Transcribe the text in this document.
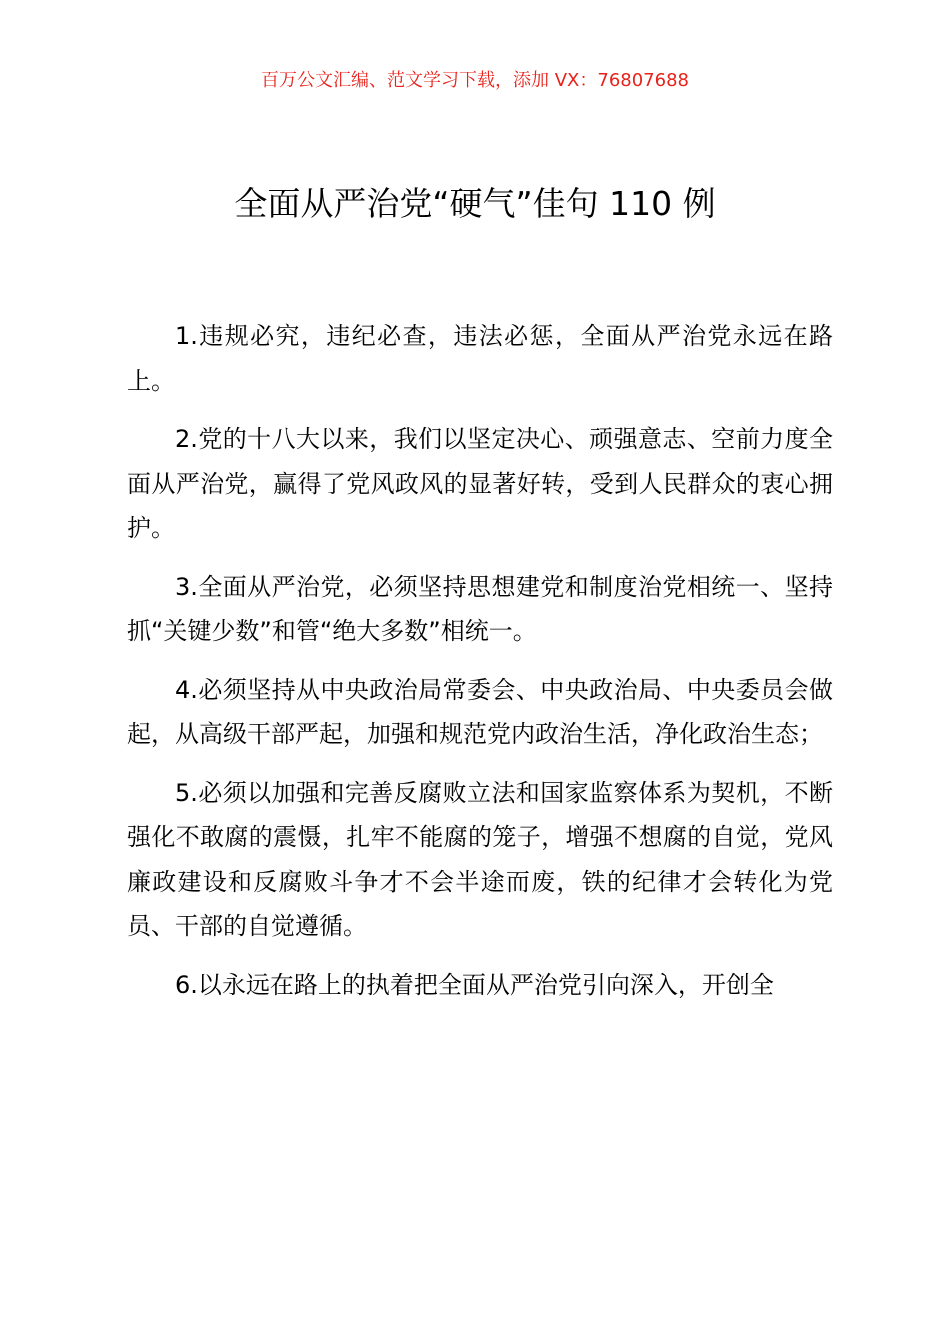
百万公文汇编、范文学习下载，添加 VX：76807688
全面从严治党“硬气”佳句 110 例

1.违规必究，违纪必查，违法必惩，全面从严治党永远在路上。

2.党的十八大以来，我们以坚定决心、顽强意志、空前力度全面从严治党，赢得了党风政风的显著好转，受到人民群众的衷心拥护。

3.全面从严治党，必须坚持思想建党和制度治党相统一、坚持抓“关键少数”和管“绝大多数”相统一。

4.必须坚持从中央政治局常委会、中央政治局、中央委员会做起，从高级干部严起，加强和规范党内政治生活，净化政治生态；

5.必须以加强和完善反腐败立法和国家监察体系为契机，不断强化不敢腐的震慑，扎牢不能腐的笼子，增强不想腐的自觉，党风廉政建设和反腐败斗争才不会半途而废，铁的纪律才会转化为党员、干部的自觉遵循。

6.以永远在路上的执着把全面从严治党引向深入，开创全
